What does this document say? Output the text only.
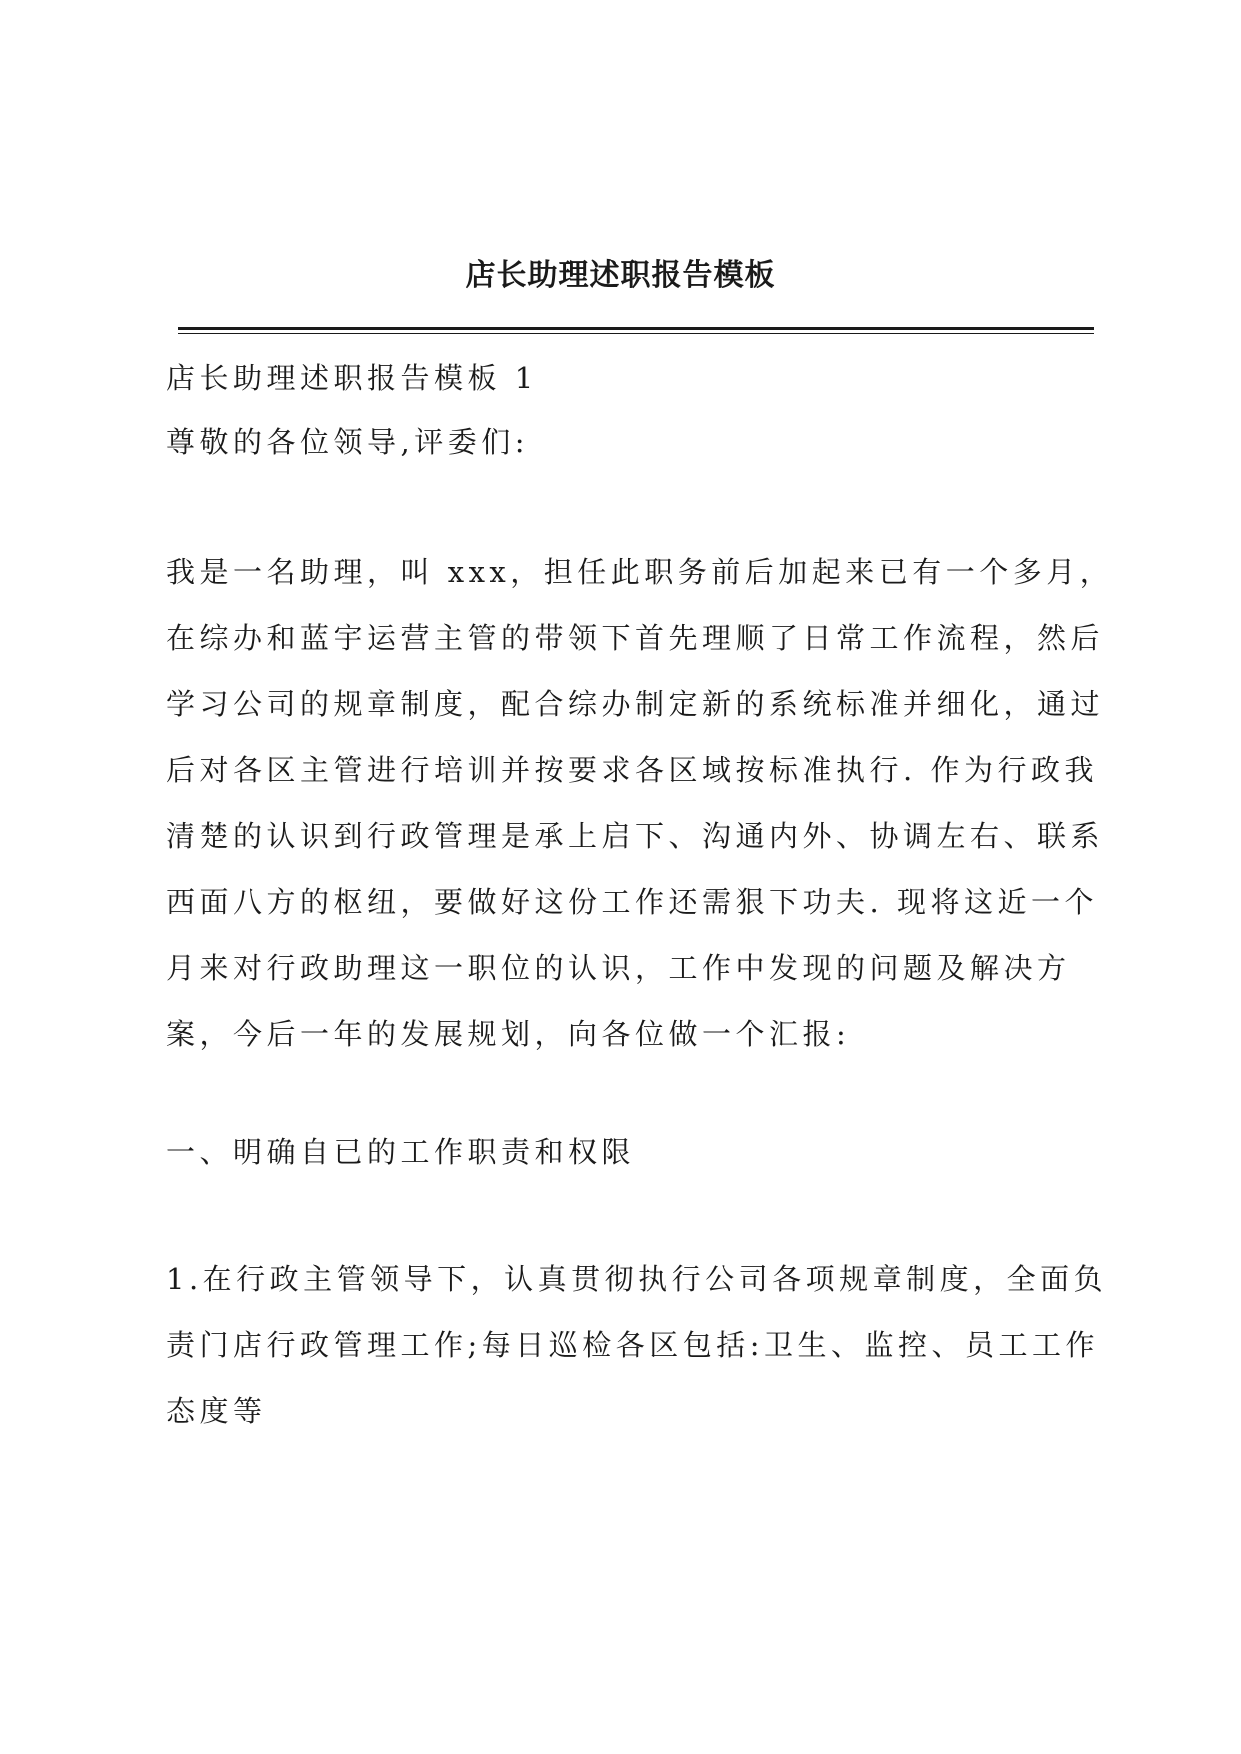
店长助理述职报告模板

店长助理述职报告模板 1

尊敬的各位领导,评委们:

我是一名助理，叫 xxx，担任此职务前后加起来已有一个多月，
在综办和蓝宇运营主管的带领下首先理顺了日常工作流程，然后
学习公司的规章制度，配合综办制定新的系统标准并细化，通过
后对各区主管进行培训并按要求各区域按标准执行. 作为行政我
清楚的认识到行政管理是承上启下、沟通内外、协调左右、联系
西面八方的枢纽，要做好这份工作还需狠下功夫. 现将这近一个
月来对行政助理这一职位的认识，工作中发现的问题及解决方
案，今后一年的发展规划，向各位做一个汇报:

一、明确自已的工作职责和权限

1.在行政主管领导下，认真贯彻执行公司各项规章制度，全面负
责门店行政管理工作;每日巡检各区包括:卫生、监控、员工工作
态度等
